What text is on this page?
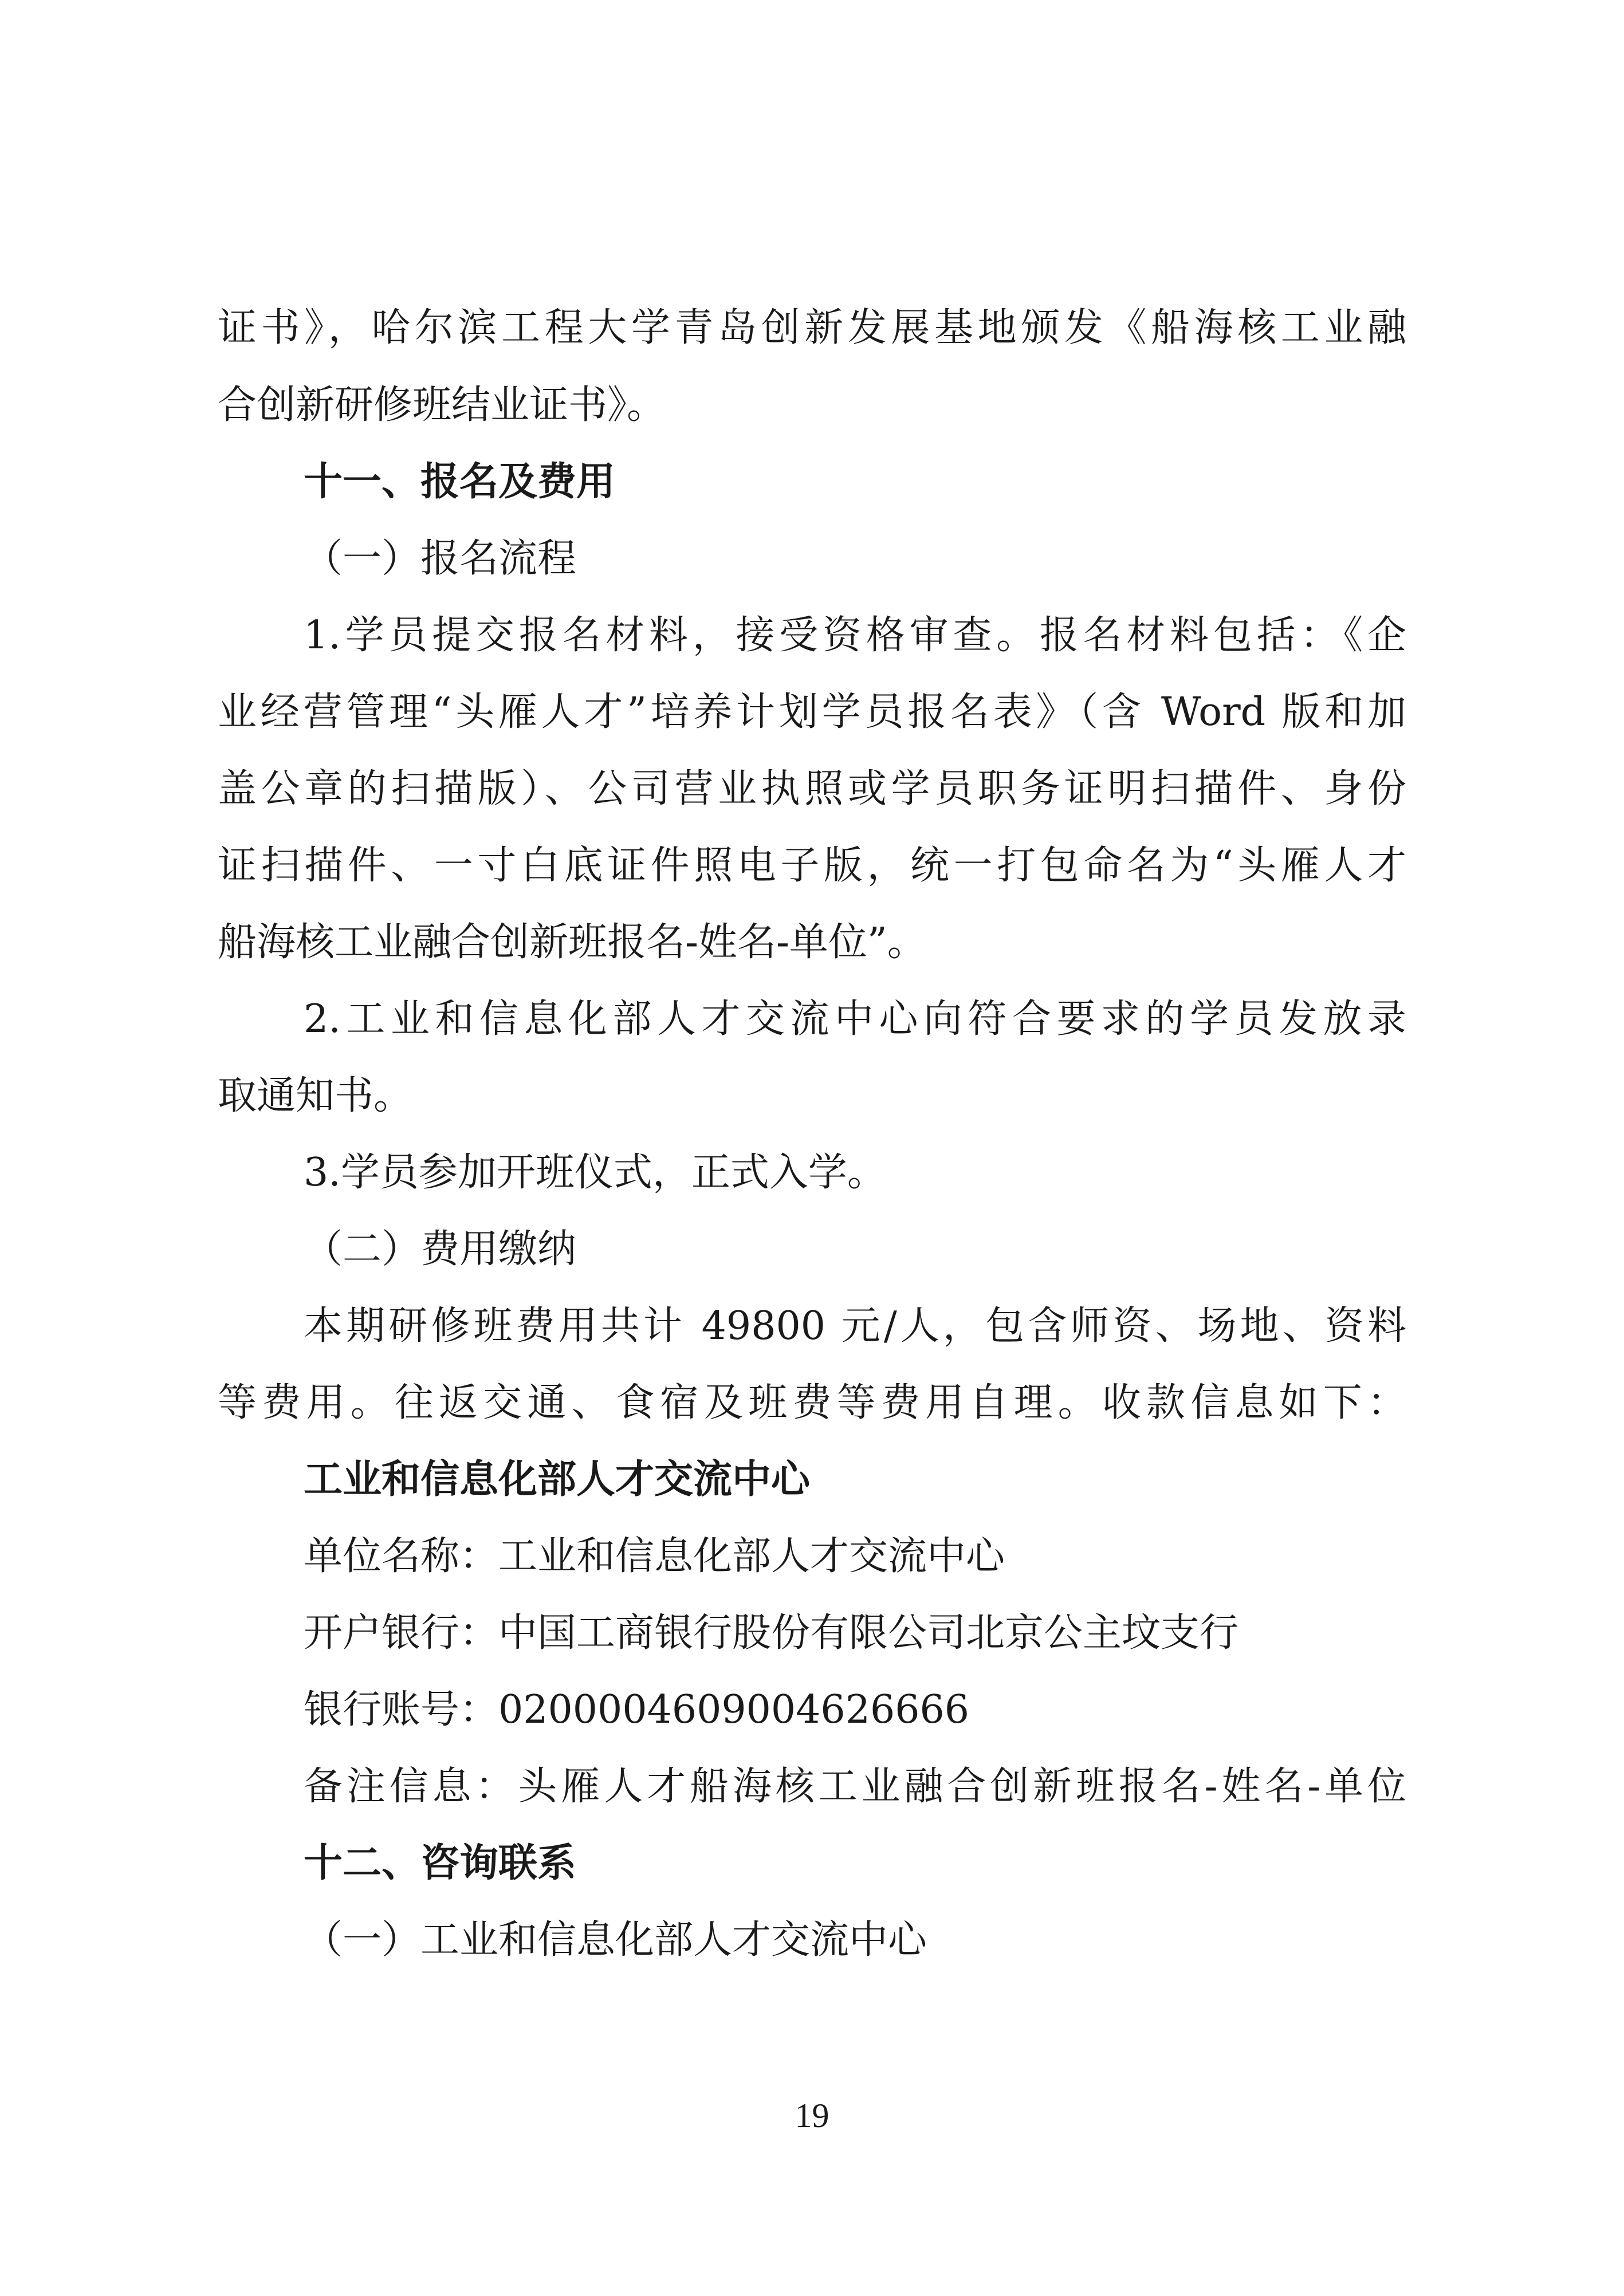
证书》，哈尔滨工程大学青岛创新发展基地颁发《船海核工业融
合创新研修班结业证书》。
十一、报名及费用
（一）报名流程
1.学员提交报名材料，接受资格审查。报名材料包括：《企
业经营管理“头雁人才”培养计划学员报名表》（含 Word 版和加
盖公章的扫描版）、公司营业执照或学员职务证明扫描件、身份
证扫描件、一寸白底证件照电子版，统一打包命名为“头雁人才
船海核工业融合创新班报名-姓名-单位”。
2.工业和信息化部人才交流中心向符合要求的学员发放录
取通知书。
3.学员参加开班仪式，正式入学。
（二）费用缴纳
本期研修班费用共计 49800 元/人，包含师资、场地、资料
等费用。往返交通、食宿及班费等费用自理。收款信息如下：
工业和信息化部人才交流中心
单位名称：工业和信息化部人才交流中心
开户银行：中国工商银行股份有限公司北京公主坟支行
银行账号：0200004609004626666
备注信息：头雁人才船海核工业融合创新班报名-姓名-单位
十二、咨询联系
（一）工业和信息化部人才交流中心
19
